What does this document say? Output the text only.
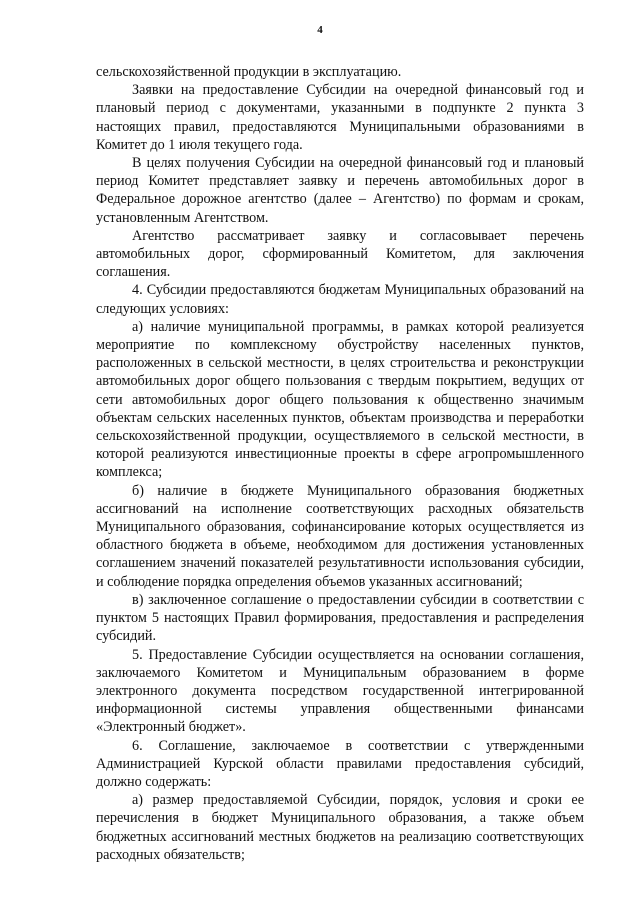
4

сельскохозяйственной продукции в эксплуатацию.

Заявки на предоставление Субсидии на очередной финансовый год и плановый период с документами, указанными в подпункте 2 пункта 3 настоящих правил, предоставляются Муниципальными образованиями в Комитет до 1 июля текущего года.

В целях получения Субсидии на очередной финансовый год и плановый период Комитет представляет заявку и перечень автомобильных дорог в Федеральное дорожное агентство (далее – Агентство) по формам и срокам, установленным Агентством.

Агентство рассматривает заявку и согласовывает перечень автомобильных дорог, сформированный Комитетом, для заключения соглашения.

4. Субсидии предоставляются бюджетам Муниципальных образований на следующих условиях:

а) наличие муниципальной программы, в рамках которой реализуется мероприятие по комплексному обустройству населенных пунктов, расположенных в сельской местности, в целях строительства и реконструкции автомобильных дорог общего пользования с твердым покрытием, ведущих от сети автомобильных дорог общего пользования к общественно значимым объектам сельских населенных пунктов, объектам производства и переработки сельскохозяйственной продукции, осуществляемого в сельской местности, в которой реализуются инвестиционные проекты в сфере агропромышленного комплекса;

б) наличие в бюджете Муниципального образования бюджетных ассигнований на исполнение соответствующих расходных обязательств Муниципального образования, софинансирование которых осуществляется из областного бюджета в объеме, необходимом для достижения установленных соглашением значений показателей результативности использования субсидии, и соблюдение порядка определения объемов указанных ассигнований;

в) заключенное соглашение о предоставлении субсидии в соответствии с пунктом 5 настоящих Правил формирования, предоставления и распределения субсидий.

5. Предоставление Субсидии осуществляется на основании соглашения, заключаемого Комитетом и Муниципальным образованием в форме электронного документа посредством государственной интегрированной информационной системы управления общественными финансами «Электронный бюджет».

6. Соглашение, заключаемое в соответствии с утвержденными Администрацией Курской области правилами предоставления субсидий, должно содержать:

а) размер предоставляемой Субсидии, порядок, условия и сроки ее перечисления в бюджет Муниципального образования, а также объем бюджетных ассигнований местных бюджетов на реализацию соответствующих расходных обязательств;
